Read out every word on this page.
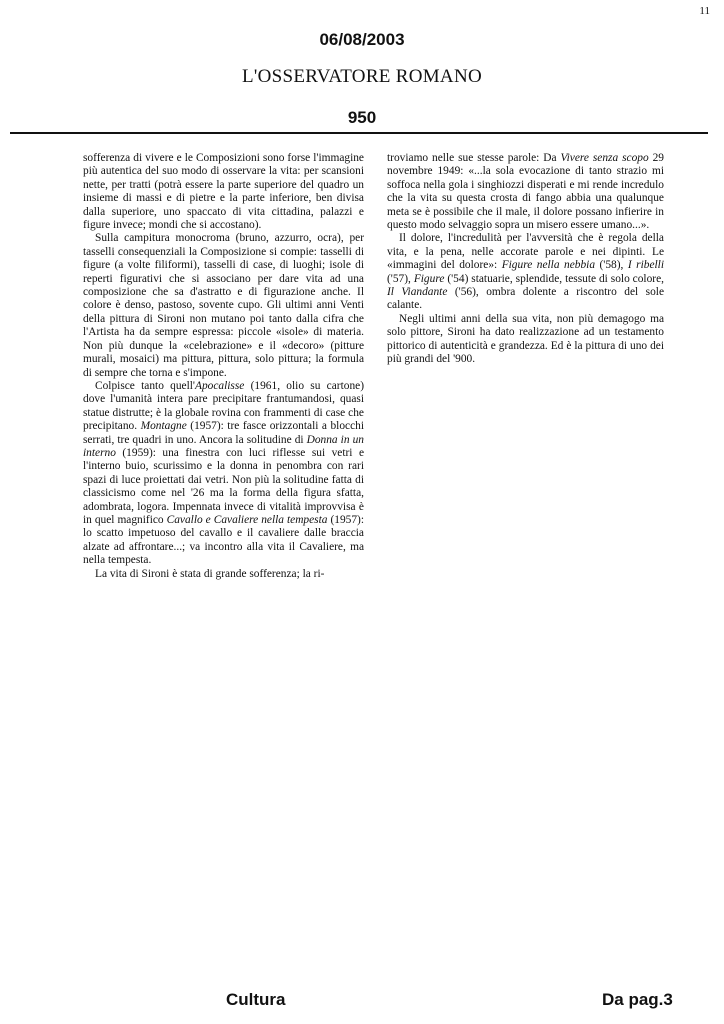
11
06/08/2003
L'OSSERVATORE ROMANO
950

sofferenza di vivere e le Composizioni sono forse l'immagine più autentica del suo modo di osservare la vita: per scansioni nette, per tratti (potrà essere la parte superiore del quadro un insieme di massi e di pietre e la parte inferiore, ben divisa dalla superiore, uno spaccato di vita cittadina, palazzi e figure invece; mondi che si accostano).

Sulla campitura monocroma (bruno, azzurro, ocra), per tasselli consequenziali la Composizione si compie: tasselli di figure (a volte filiformi), tasselli di case, di luoghi; isole di reperti figurativi che si associano per dare vita ad una composizione che sa d'astratto e di figurazione anche. Il colore è denso, pastoso, sovente cupo. Gli ultimi anni Venti della pittura di Sironi non mutano poi tanto dalla cifra che l'Artista ha da sempre espressa: piccole «isole» di materia. Non più dunque la «celebrazione» e il «decoro» (pitture murali, mosaici) ma pittura, pittura, solo pittura; la formula di sempre che torna e s'impone.

Colpisce tanto quell'Apocalisse (1961, olio su cartone) dove l'umanità intera pare precipitare frantumandosi, quasi statue distrutte; è la globale rovina con frammenti di case che precipitano. Montagne (1957): tre fasce orizzontali a blocchi serrati, tre quadri in uno. Ancora la solitudine di Donna in un interno (1959): una finestra con luci riflesse sui vetri e l'interno buio, scurissimo e la donna in penombra con rari spazi di luce proiettati dai vetri. Non più la solitudine fatta di classicismo come nel '26 ma la forma della figura sfatta, adombrata, logora. Impennata invece di vitalità improvvisa è in quel magnifico Cavallo e Cavaliere nella tempesta (1957): lo scatto impetuoso del cavallo e il cavaliere dalle braccia alzate ad affrontare...; va incontro alla vita il Cavaliere, ma nella tempesta.

La vita di Sironi è stata di grande sofferenza; la ri-

troviamo nelle sue stesse parole: Da Vivere senza scopo 29 novembre 1949: «...la sola evocazione di tanto strazio mi soffoca nella gola i singhiozzi disperati e mi rende incredulo che la vita su questa crosta di fango abbia una qualunque meta se è possibile che il male, il dolore possano infierire in questo modo selvaggio sopra un misero essere umano...».

Il dolore, l'incredulità per l'avversità che è regola della vita, e la pena, nelle accorate parole e nei dipinti. Le «immagini del dolore»: Figure nella nebbia ('58), I ribelli ('57), Figure ('54) statuarie, splendide, tessute di solo colore, Il Viandante ('56), ombra dolente a riscontro del sole calante.

Negli ultimi anni della sua vita, non più demagogo ma solo pittore, Sironi ha dato realizzazione ad un testamento pittorico di autenticità e grandezza. Ed è la pittura di uno dei più grandi del '900.

Cultura	Da pag.3
